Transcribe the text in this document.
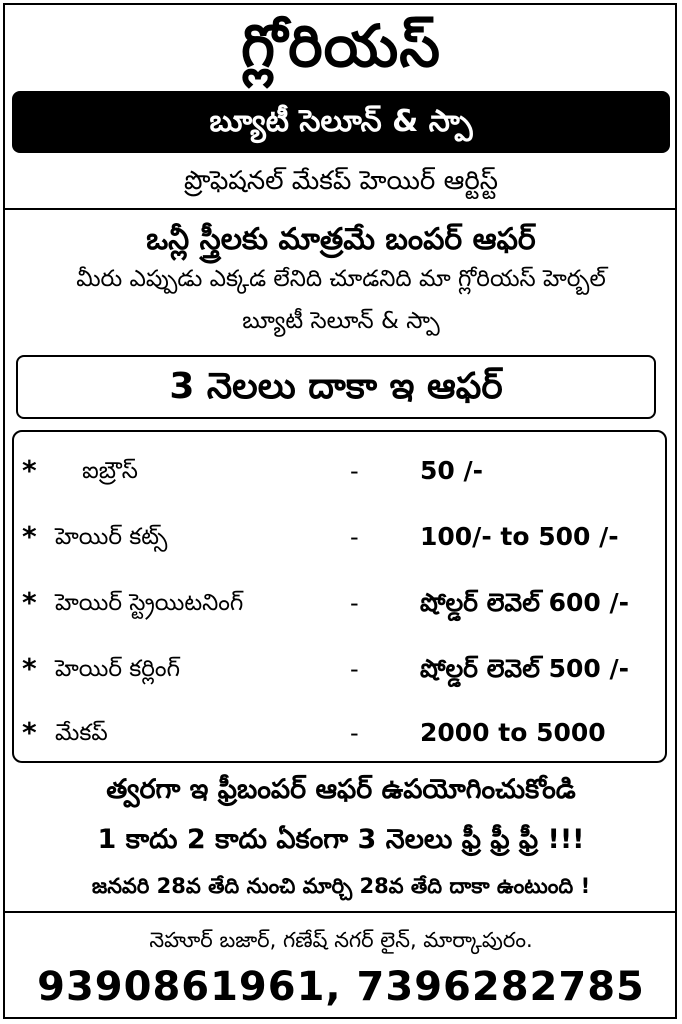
గ్లోరియస్
బ్యూటీ సెలూన్ & స్పా
ప్రొఫెషనల్ మేకప్ హెయిర్ ఆర్టిస్ట్
ఒన్లీ స్త్రీలకు మాత్రమే బంపర్ ఆఫర్
మీరు ఎప్పుడు ఎక్కడ లేనిది చూడనిది మా గ్లోరియస్ హెర్బల్
బ్యూటీ సెలూన్ & స్పా
3 నెలలు దాకా ఇ ఆఫర్
* ఐబ్రౌస్	- 50 /-
* హెయిర్ కట్స్	- 100/- to 500 /-
* హెయిర్ స్ట్రెయిటనింగ్	- షోల్డర్ లెవెల్ 600 /-
* హెయిర్ కర్లింగ్	- షోల్డర్ లెవెల్ 500 /-
* మేకప్	- 2000 to 5000
త్వరగా ఇ ఫ్రీబంపర్ ఆఫర్ ఉపయోగించుకోండి
1 కాదు 2 కాదు ఏకంగా 3 నెలలు ఫ్రీ ఫ్రీ ఫ్రీ !!!
జనవరి 28వ తేది నుంచి మార్చి 28వ తేది దాకా ఉంటుంది !
నెహూర్ బజార్, గణేష్ నగర్ లైన్, మార్కాపురం.
9390861961, 7396282785
